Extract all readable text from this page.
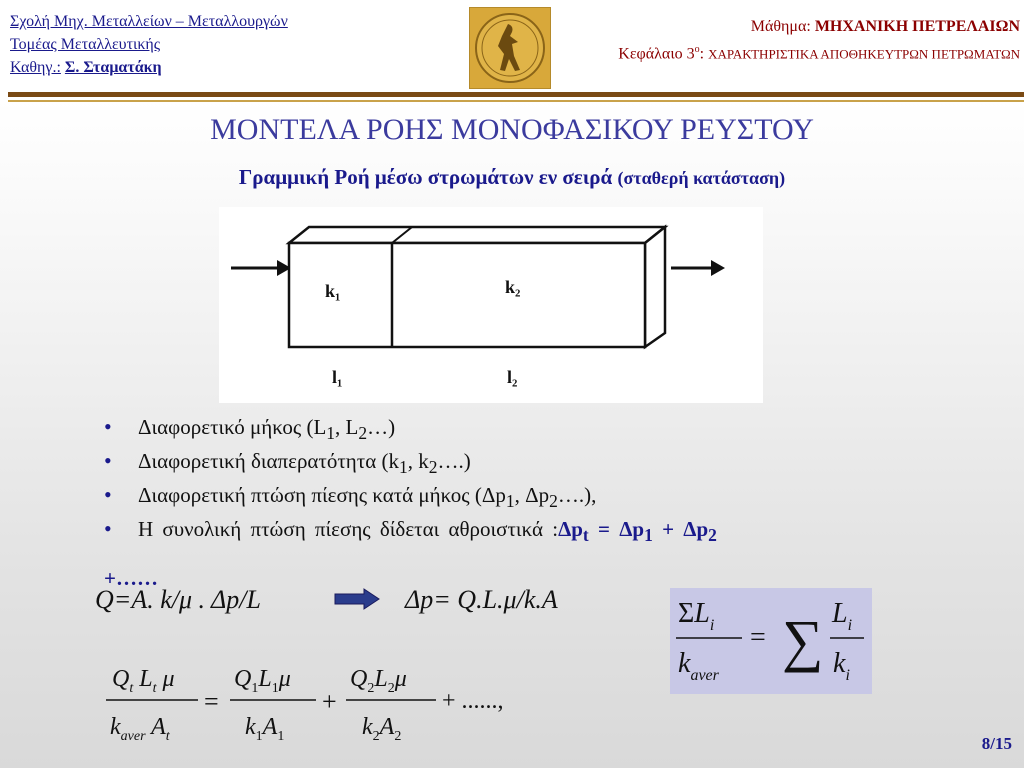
Σχολή Μηχ. Μεταλλείων – Μεταλλουργών
Τομέας Μεταλλευτικής
Καθηγ.: Σ. Σταματάκη
Μάθημα: ΜΗΧΑΝΙΚΗ ΠΕΤΡΕΛΑΙΩΝ
Κεφάλαιο $3^o$: ΧΑΡΑΚΤΗΡΙΣΤΙΚΑ ΑΠΟΘΗΚΕΥΤΡΩΝ ΠΕΤΡΩΜΑΤΩΝ
ΜΟΝΤΕΛΑ ΡΟΗΣ ΜΟΝΟΦΑΣΙΚΟΥ ΡΕΥΣΤΟΥ
Γραμμική Ροή μέσω στρωμάτων εν σειρά (σταθερή κατάσταση)
k₁	k₂
l₁	l₂
• Διαφορετικό μήκος ($L_1$, $L_2\dots$)
• Διαφορετική διαπερατότητα ($k_1$, $k_2\dots$.)
• Διαφορετική πτώση πίεσης κατά μήκος ($\Delta p_1$, $\Delta p_2\dots$.),
• Η συνολική πτώση πίεσης δίδεται αθροιστικά $:\Delta p_t = \Delta p_1 + \Delta p_2$
+……
Q=A. k/μ . Δp/L	Δp= Q.L.μ/k.A	$\Sigma L_i$
$k_{aver}$
= ∑ $L_i$
$k_i$
$Q_t$ $L_t$ μ
$k_{aver}$ $A_t$
=
$Q_1L_1\mu$
$k_1A_1$
+
$Q_2L_2\mu$
$k_2A_2$
+ ......,
8/15
